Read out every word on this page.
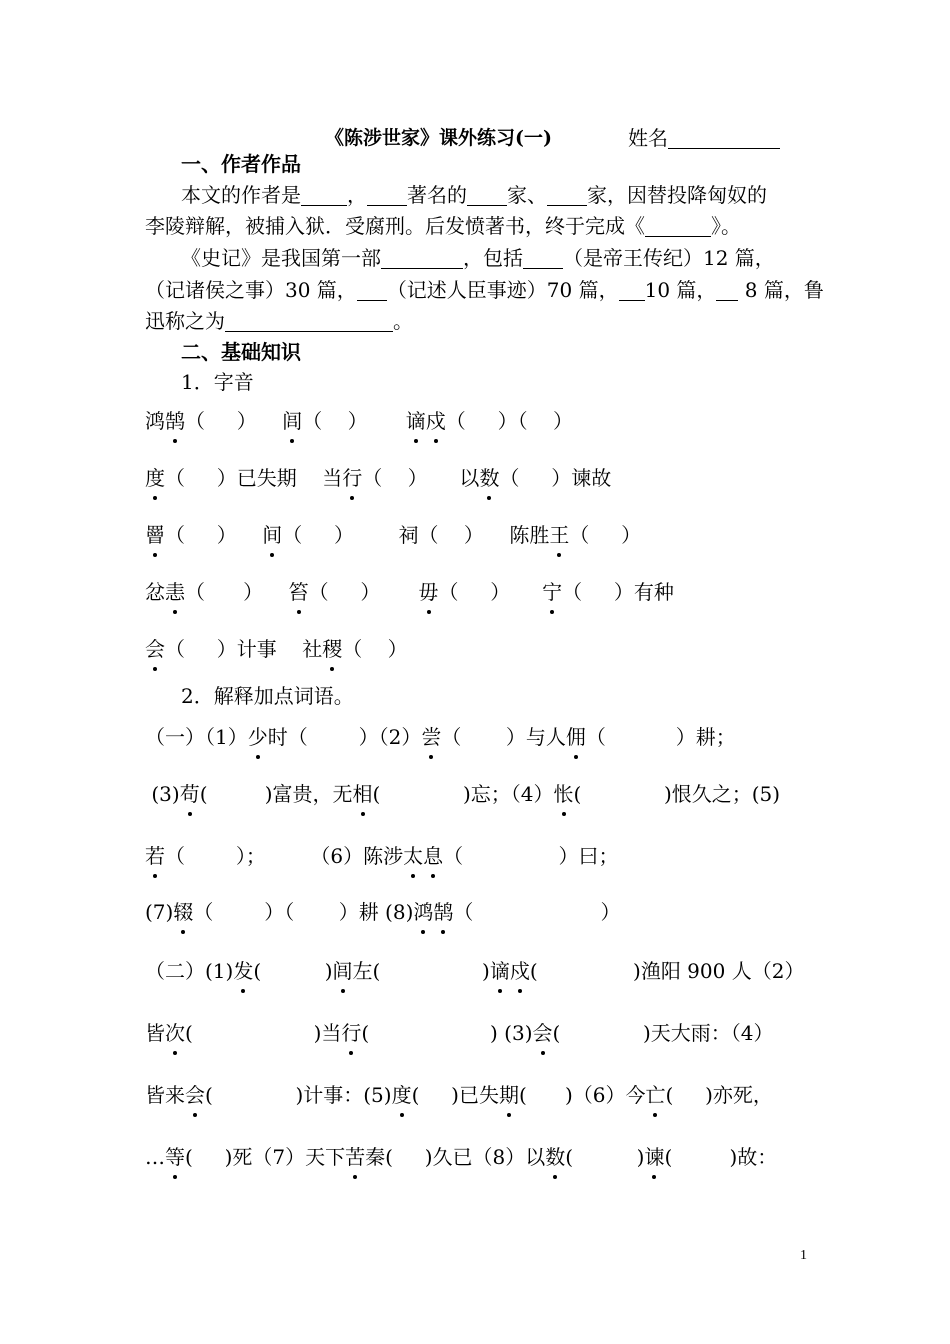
《陈涉世家》课外练习(一)	姓名
一、作者作品
本文的作者是 ， 著名的 家、 家，因替投降匈奴的
李陵辩解，被捕入狱．受腐刑。后发愤著书，终于完成《	》。
《史记》是我国第一部	，包括 （是帝王传纪）12 篇，
（记诸侯之事）30 篇， （记述人臣事迹）70 篇， 10 篇， 8 篇，鲁
迅称之为	。
二、基础知识
1．字音
鸿鹄（     ）    闾（    ）      谪戍（     ）（    ）
度（     ）已失期    当行（    ）     以数（     ）谏故
罾（     ）    间（     ）       祠（    ）    陈胜王（     ）
忿恚（      ）    笞（     ）      毋（     ）     宁（     ）有种
会（     ）计事    社稷（    ）
2．解释加点词语。
（一）（1）少时（        ）（2）尝（       ）与人佣（           ）耕；
(3)苟(         )富贵，无相(             )忘；（4）怅(             )恨久之；(5)
若（        ）；       （6）陈涉太息（               ）曰；
(7)辍（        ）（       ）耕 (8)鸿鹄（                    ）
（二）(1)发(          )闾左(                )谪戍(               )渔阳 900 人（2）
皆次(                   )当行(                   ) (3)会(             )天大雨：（4）
皆来会(             )计事：(5)度(     )已失期(      )（6）今亡(     )亦死，
…等(     )死（7）天下苦秦(     )久已（8）以数(          )谏(         )故：
1
